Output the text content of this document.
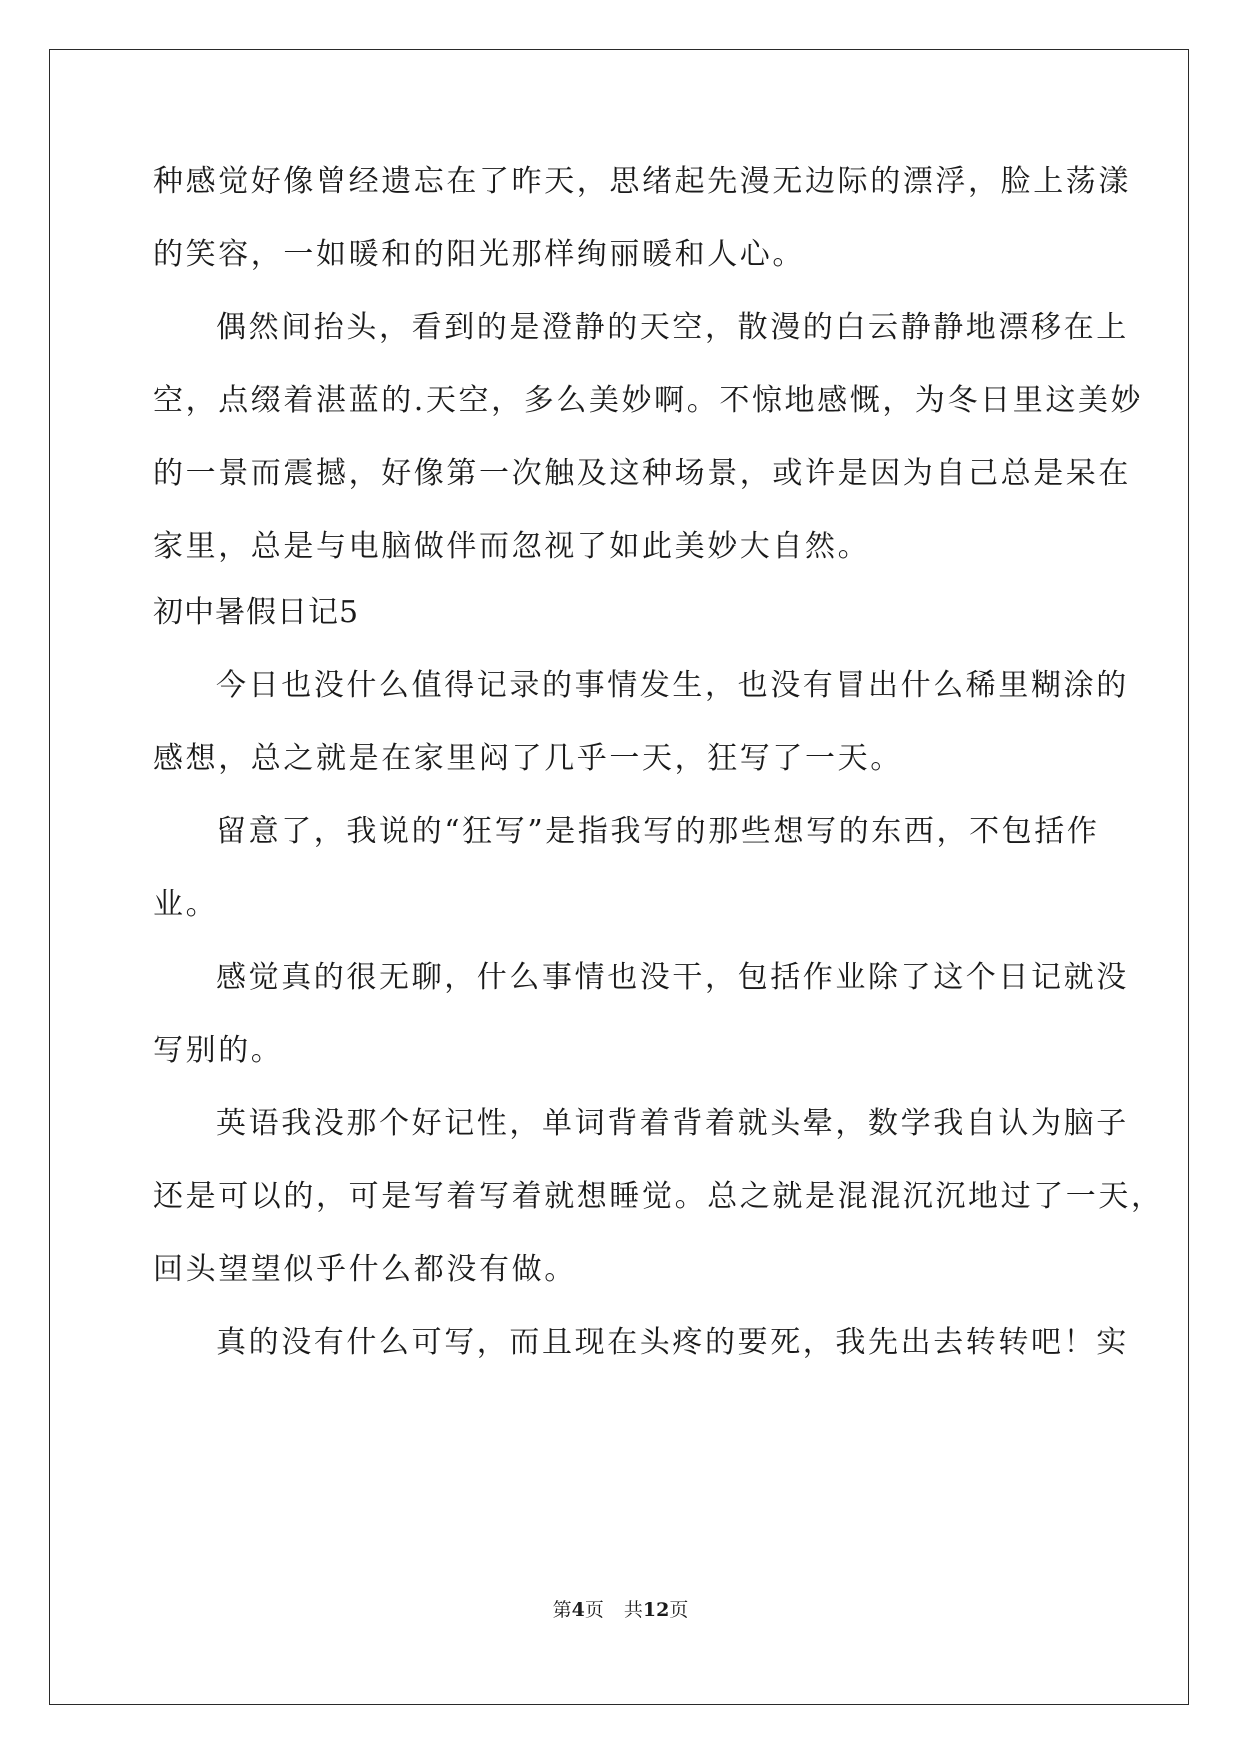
种感觉好像曾经遗忘在了昨天，思绪起先漫无边际的漂浮，脸上荡漾
的笑容，一如暖和的阳光那样绚丽暖和人心。
偶然间抬头，看到的是澄静的天空，散漫的白云静静地漂移在上
空，点缀着湛蓝的.天空，多么美妙啊。不惊地感慨，为冬日里这美妙
的一景而震撼，好像第一次触及这种场景，或许是因为自己总是呆在
家里，总是与电脑做伴而忽视了如此美妙大自然。
初中暑假日记5
今日也没什么值得记录的事情发生，也没有冒出什么稀里糊涂的
感想，总之就是在家里闷了几乎一天，狂写了一天。
留意了，我说的“狂写”是指我写的那些想写的东西，不包括作
业。
感觉真的很无聊，什么事情也没干，包括作业除了这个日记就没
写别的。
英语我没那个好记性，单词背着背着就头晕，数学我自认为脑子
还是可以的，可是写着写着就想睡觉。总之就是混混沉沉地过了一天，
回头望望似乎什么都没有做。
真的没有什么可写，而且现在头疼的要死，我先出去转转吧！实
第4页 共12页
